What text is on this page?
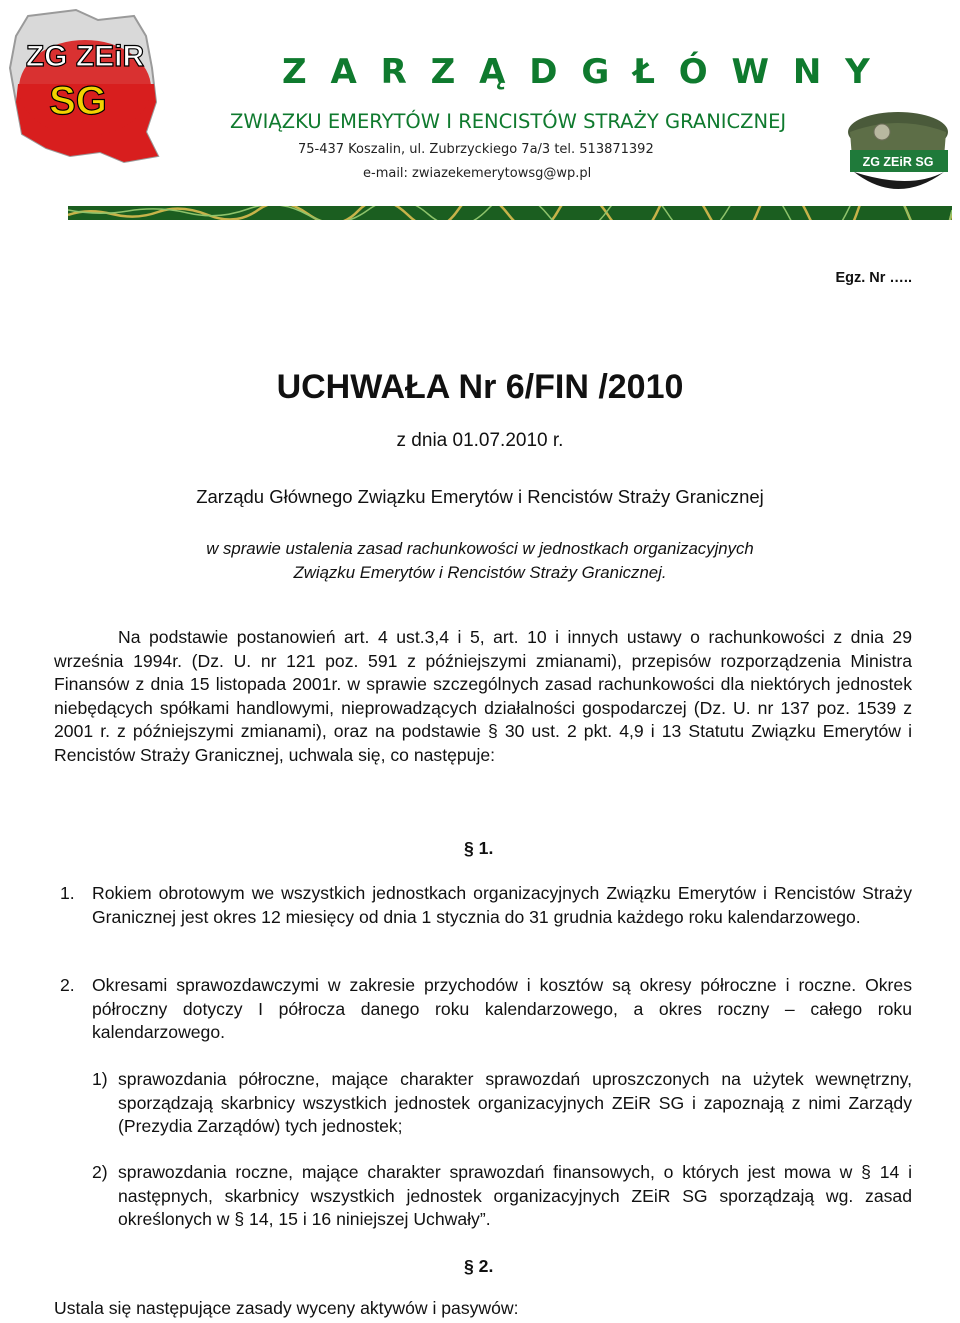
ZG ZEiR
SG
Z A R Z Ą D G Ł Ó W N Y
ZWIĄZKU EMERYTÓW I RENCISTÓW STRAŻY GRANICZNEJ
75-437 Koszalin, ul. Zubrzyckiego 7a/3 tel. 513871392
e-mail: zwiazekemerytowsg@wp.pl
ZG ZEiR SG
Egz. Nr …..
UCHWAŁA Nr 6/FIN /2010
z dnia 01.07.2010 r.
Zarządu Głównego Związku Emerytów i Rencistów Straży Granicznej
w sprawie ustalenia zasad rachunkowości w jednostkach organizacyjnych
Związku Emerytów i Rencistów Straży Granicznej.
Na podstawie postanowień art. 4 ust.3,4 i 5, art. 10 i innych ustawy o rachunkowości z dnia 29 września 1994r. (Dz. U. nr 121 poz. 591 z późniejszymi zmianami), przepisów rozporządzenia Ministra Finansów z dnia 15 listopada 2001r. w sprawie szczególnych zasad rachunkowości dla niektórych jednostek niebędących spółkami handlowymi, nieprowadzących działalności gospodarczej (Dz. U. nr 137 poz. 1539 z 2001 r. z późniejszymi zmianami), oraz na podstawie § 30 ust. 2 pkt. 4,9 i 13 Statutu Związku Emerytów i Rencistów Straży Granicznej, uchwala się, co następuje:
§ 1.
1. Rokiem obrotowym we wszystkich jednostkach organizacyjnych Związku Emerytów i Rencistów Straży Granicznej jest okres 12 miesięcy od dnia 1 stycznia do 31 grudnia każdego roku kalendarzowego.
2. Okresami sprawozdawczymi w zakresie przychodów i kosztów są okresy półroczne i roczne. Okres półroczny dotyczy I półrocza danego roku kalendarzowego, a okres roczny – całego roku kalendarzowego.
1) sprawozdania półroczne, mające charakter sprawozdań uproszczonych na użytek wewnętrzny, sporządzają skarbnicy wszystkich jednostek organizacyjnych ZEiR SG i zapoznają z nimi Zarządy (Prezydia Zarządów) tych jednostek;
2) sprawozdania roczne, mające charakter sprawozdań finansowych, o których jest mowa w § 14 i następnych, skarbnicy wszystkich jednostek organizacyjnych ZEiR SG sporządzają wg. zasad określonych w § 14, 15 i 16 niniejszej Uchwały”.
§ 2.
Ustala się następujące zasady wyceny aktywów i pasywów:
